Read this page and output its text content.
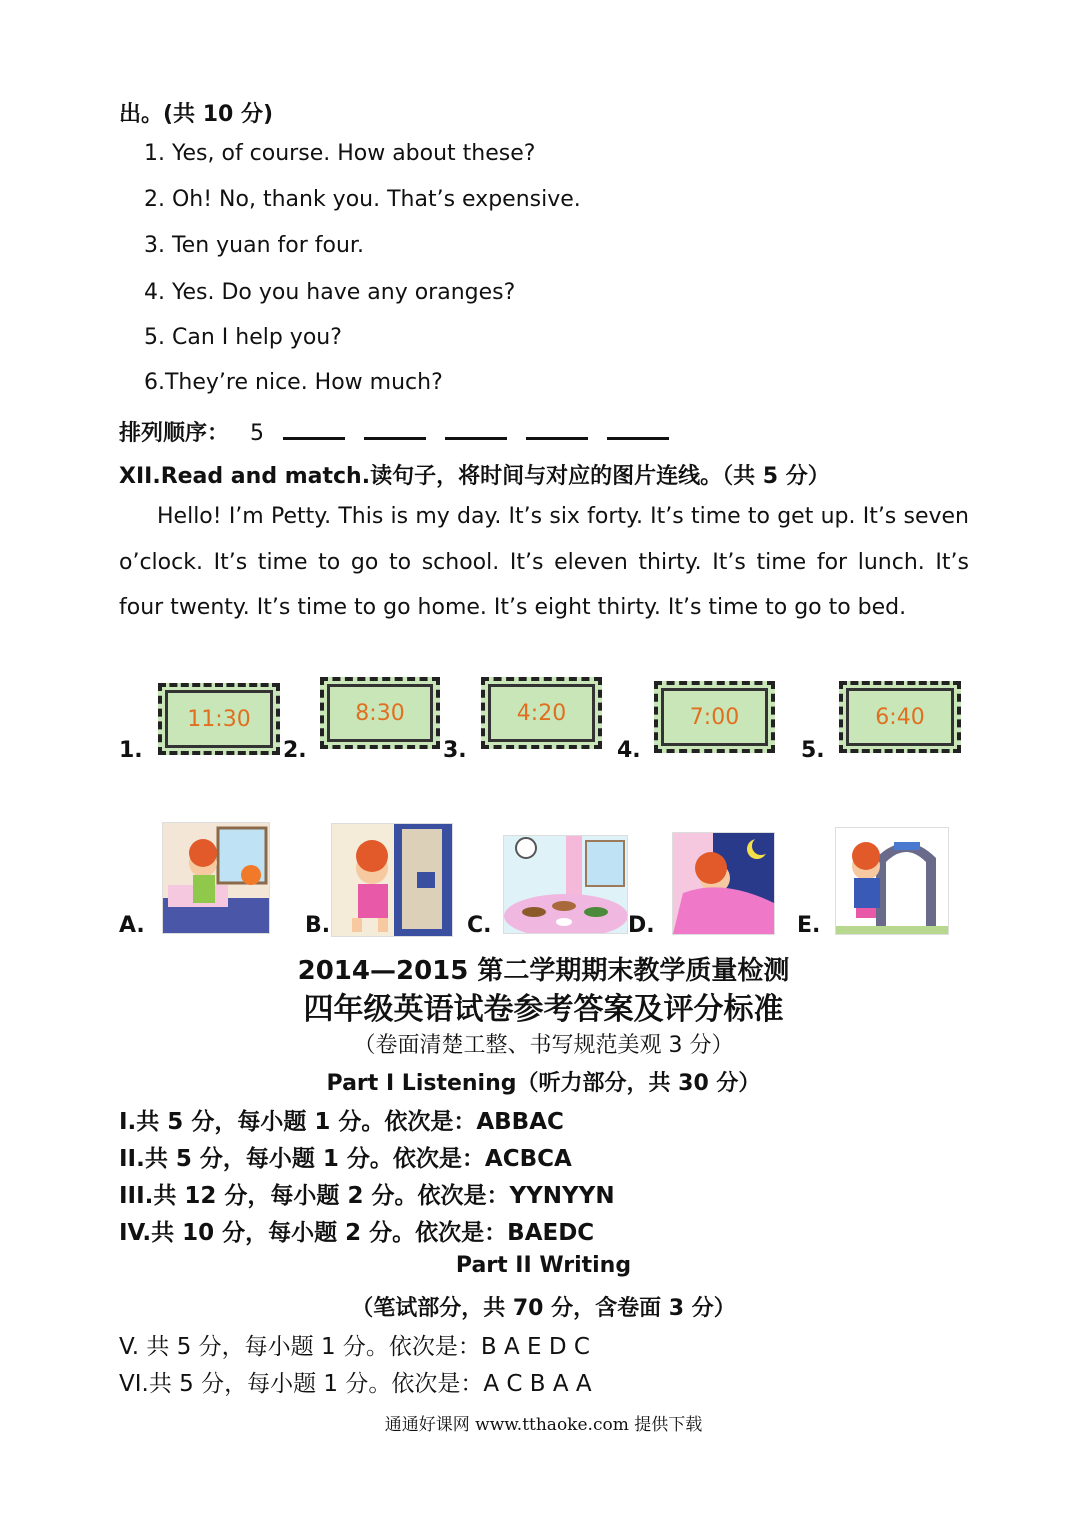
出。(共 10 分)
1. Yes, of course. How about these?
2. Oh! No, thank you. That’s expensive.
3. Ten yuan for four.
4. Yes. Do you have any oranges?
5. Can I help you?
6.They’re nice. How much?
排列顺序： 5
XII.Read and match.读句子，将时间与对应的图片连线。（共 5 分）
Hello! I’m Petty. This is my day. It’s six forty. It’s time to get up. It’s seven o’clock. It’s time to go to school. It’s eleven thirty. It’s time for lunch. It’s four twenty. It’s time to go home. It’s eight thirty. It’s time to go to bed.
1.
11:30
2.
8:30
3.
4:20
4.
7:00
5.
6:40
A.	B.	C.	D.	E.
2014—2015 第二学期期末教学质量检测
四年级英语试卷参考答案及评分标准
（卷面清楚工整、书写规范美观 3 分）
Part I Listening（听力部分，共 30 分）
I.共 5 分，每小题 1 分。依次是：ABBAC
II.共 5 分，每小题 1 分。依次是：ACBCA
III.共 12 分，每小题 2 分。依次是：YYNYYN
IV.共 10 分，每小题 2 分。依次是：BAEDC
Part II Writing
（笔试部分，共 70 分，含卷面 3 分）
V. 共 5 分，每小题 1 分。依次是：B A E D C
VI.共 5 分，每小题 1 分。依次是：A C B A A
通通好课网 www.tthaoke.com 提供下载
